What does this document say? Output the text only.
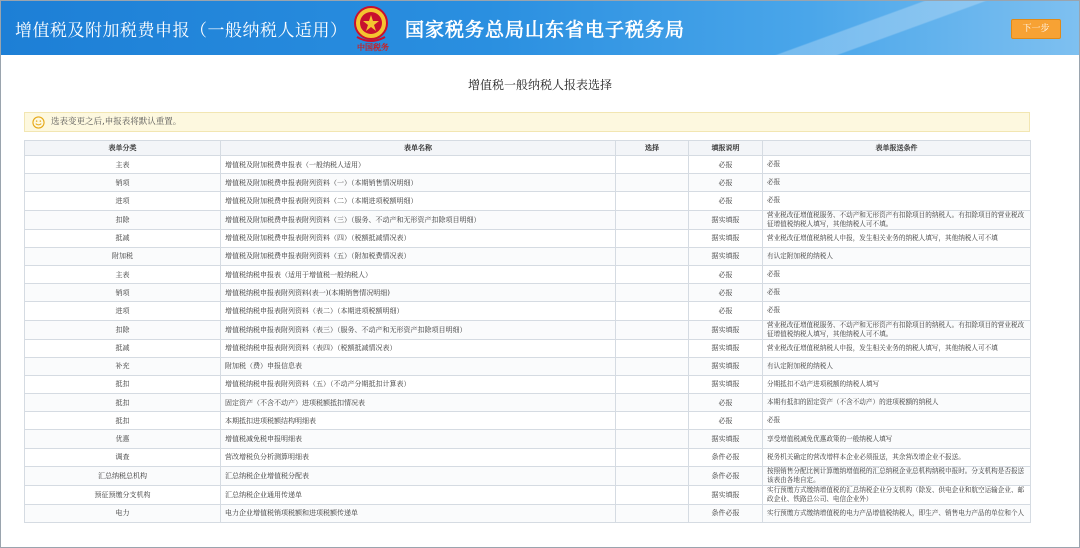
增值税及附加税费申报（一般纳税人适用）
中国税务
国家税务总局山东省电子税务局	下一步
增值税一般纳税人报表选择
选表变更之后,申报表将默认重置。
表单分类	表单名称	选择	填报说明	表单报送条件
主表	增值税及附加税费申报表（一般纳税人适用）		必报	必报
销项	增值税及附加税费申报表附列资料（一）（本期销售情况明细）		必报	必报
进项	增值税及附加税费申报表附列资料（二）（本期进项税额明细）		必报	必报
扣除	增值税及附加税费申报表附列资料（三）（服务、不动产和无形资产扣除项目明细）		据实填报	营业税改征增值税服务、不动产和无形资产有扣除项目的纳税人。有扣除项目的营业税改征增值税纳税人填写，其他纳税人可不填。
抵减	增值税及附加税费申报表附列资料（四）（税额抵减情况表）		据实填报	营业税改征增值税纳税人申报，发生相关业务的纳税人填写，其他纳税人可不填
附加税	增值税及附加税费申报表附列资料（五）（附加税费情况表）		据实填报	有认定附加税的纳税人
主表	增值税纳税申报表（适用于增值税一般纳税人）		必报	必报
销项	增值税纳税申报表附列资料(表一)(本期销售情况明细)		必报	必报
进项	增值税纳税申报表附列资料（表二）（本期进项税额明细）		必报	必报
扣除	增值税纳税申报表附列资料（表三）（服务、不动产和无形资产扣除项目明细）		据实填报	营业税改征增值税服务、不动产和无形资产有扣除项目的纳税人。有扣除项目的营业税改征增值税纳税人填写，其他纳税人可不填。
抵减	增值税纳税申报表附列资料（表四）（税额抵减情况表）		据实填报	营业税改征增值税纳税人申报，发生相关业务的纳税人填写，其他纳税人可不填
补充	附加税（费）申报信息表		据实填报	有认定附加税的纳税人
抵扣	增值税纳税申报表附列资料（五）（不动产分期抵扣计算表）		据实填报	分期抵扣不动产进项税额的纳税人填写
抵扣	固定资产（不含不动产）进项税额抵扣情况表		必报	本期有抵扣的固定资产（不含不动产）的进项税额的纳税人
抵扣	本期抵扣进项税额结构明细表		必报	必报
优惠	增值税减免税申报明细表		据实填报	享受增值税减免优惠政策的一般纳税人填写
调查	营改增税负分析测算明细表		条件必报	税务机关确定的营改增样本企业必须报送，其余营改增企业不报送。
汇总纳税总机构	汇总纳税企业增值税分配表		条件必报	按照销售分配比例计算缴纳增值税的汇总纳税企业总机构纳税申报时。分支机构是否报送该表由各地自定。
预征预缴分支机构	汇总纳税企业通用传递单		据实填报	实行预缴方式缴纳增值税的汇总纳税企业分支机构（除发、供电企业和航空运输企业、邮政企业、铁路总公司、电信企业外）
电力	电力企业增值税销项税额和进项税额传递单		条件必报	实行预缴方式缴纳增值税的电力产品增值税纳税人，即生产、销售电力产品的单位和个人
